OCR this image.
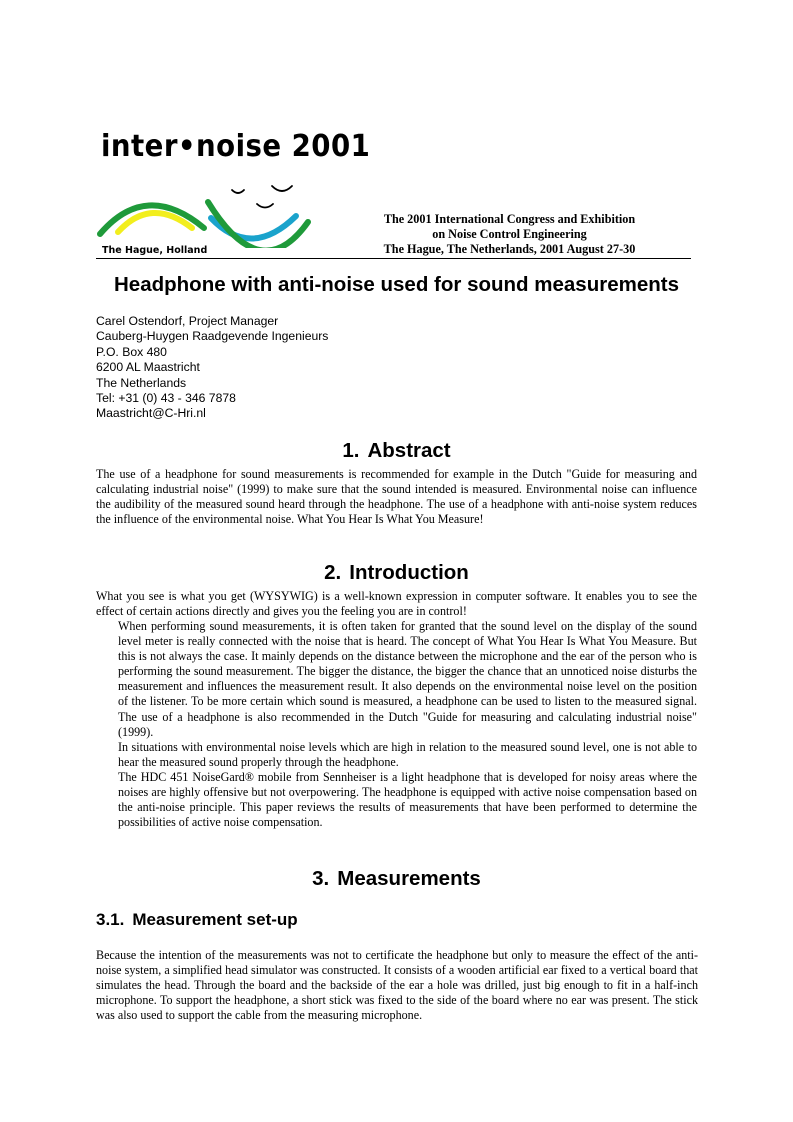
inter•noise 2001
The Hague, Holland
The 2001 International Congress and Exhibition
on Noise Control Engineering
The Hague, The Netherlands, 2001 August 27-30
Headphone with anti-noise used for sound measurements
Carel Ostendorf, Project Manager
Cauberg-Huygen Raadgevende Ingenieurs
P.O. Box 480
6200 AL Maastricht
The Netherlands
Tel: +31 (0) 43 - 346 7878
Maastricht@C-Hri.nl
1. Abstract
The use of a headphone for sound measurements is recommended for example in the Dutch "Guide for measuring and calculating industrial noise" (1999) to make sure that the sound intended is measured. Environmental noise can influence the audibility of the measured sound heard through the headphone. The use of a headphone with anti-noise system reduces the influence of the environmental noise. What You Hear Is What You Measure!
2. Introduction
What you see is what you get (WYSYWIG) is a well-known expression in computer software. It enables you to see the effect of certain actions directly and gives you the feeling you are in control!

When performing sound measurements, it is often taken for granted that the sound level on the display of the sound level meter is really connected with the noise that is heard. The concept of What You Hear Is What You Measure. But this is not always the case. It mainly depends on the distance between the microphone and the ear of the person who is performing the sound measurement. The bigger the distance, the bigger the chance that an unnoticed noise disturbs the measurement and influences the measurement result. It also depends on the environmental noise level on the position of the listener. To be more certain which sound is measured, a headphone can be used to listen to the measured signal. The use of a headphone is also recommended in the Dutch "Guide for measuring and calculating industrial noise" (1999).

In situations with environmental noise levels which are high in relation to the measured sound level, one is not able to hear the measured sound properly through the headphone.

The HDC 451 NoiseGard® mobile from Sennheiser is a light headphone that is developed for noisy areas where the noises are highly offensive but not overpowering. The headphone is equipped with active noise compensation based on the anti-noise principle. This paper reviews the results of measurements that have been performed to determine the possibilities of active noise compensation.

3. Measurements
3.1. Measurement set-up
Because the intention of the measurements was not to certificate the headphone but only to measure the effect of the anti-noise system, a simplified head simulator was constructed. It consists of a wooden artificial ear fixed to a vertical board that simulates the head. Through the board and the backside of the ear a hole was drilled, just big enough to fit in a half-inch microphone. To support the headphone, a short stick was fixed to the side of the board where no ear was present. The stick was also used to support the cable from the measuring microphone.
